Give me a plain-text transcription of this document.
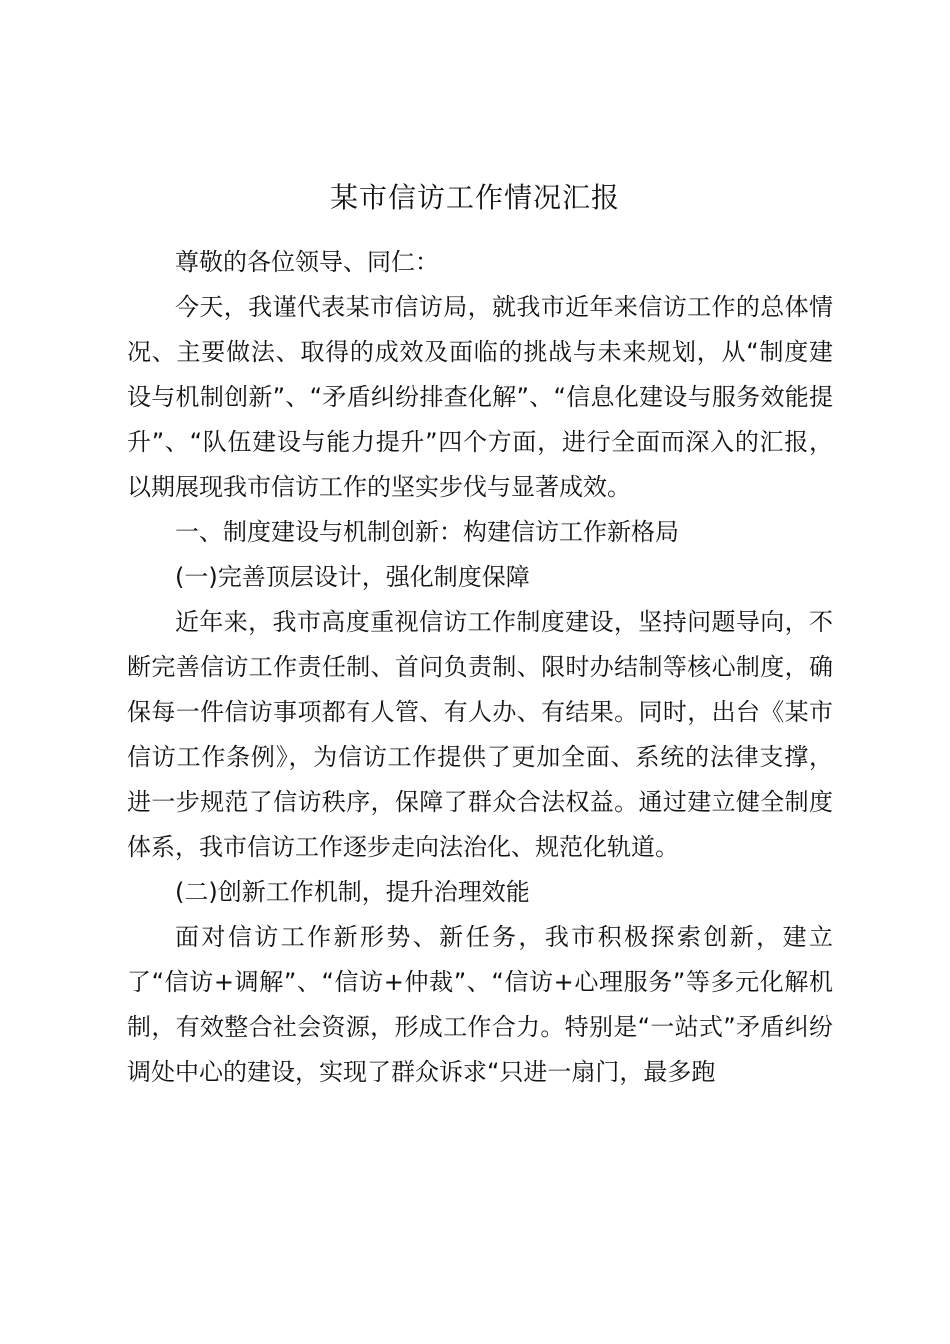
某市信访工作情况汇报

尊敬的各位领导、同仁：

今天，我谨代表某市信访局，就我市近年来信访工作的总体情况、主要做法、取得的成效及面临的挑战与未来规划，从“制度建设与机制创新”、“矛盾纠纷排查化解”、“信息化建设与服务效能提升”、“队伍建设与能力提升”四个方面，进行全面而深入的汇报，以期展现我市信访工作的坚实步伐与显著成效。

一、制度建设与机制创新：构建信访工作新格局

(一)完善顶层设计，强化制度保障

近年来，我市高度重视信访工作制度建设，坚持问题导向，不断完善信访工作责任制、首问负责制、限时办结制等核心制度，确保每一件信访事项都有人管、有人办、有结果。同时，出台《某市信访工作条例》，为信访工作提供了更加全面、系统的法律支撑，进一步规范了信访秩序，保障了群众合法权益。通过建立健全制度体系，我市信访工作逐步走向法治化、规范化轨道。

(二)创新工作机制，提升治理效能

面对信访工作新形势、新任务，我市积极探索创新，建立了“信访+调解”、“信访+仲裁”、“信访+心理服务”等多元化解机制，有效整合社会资源，形成工作合力。特别是“一站式”矛盾纠纷调处中心的建设，实现了群众诉求“只进一扇门，最多跑
